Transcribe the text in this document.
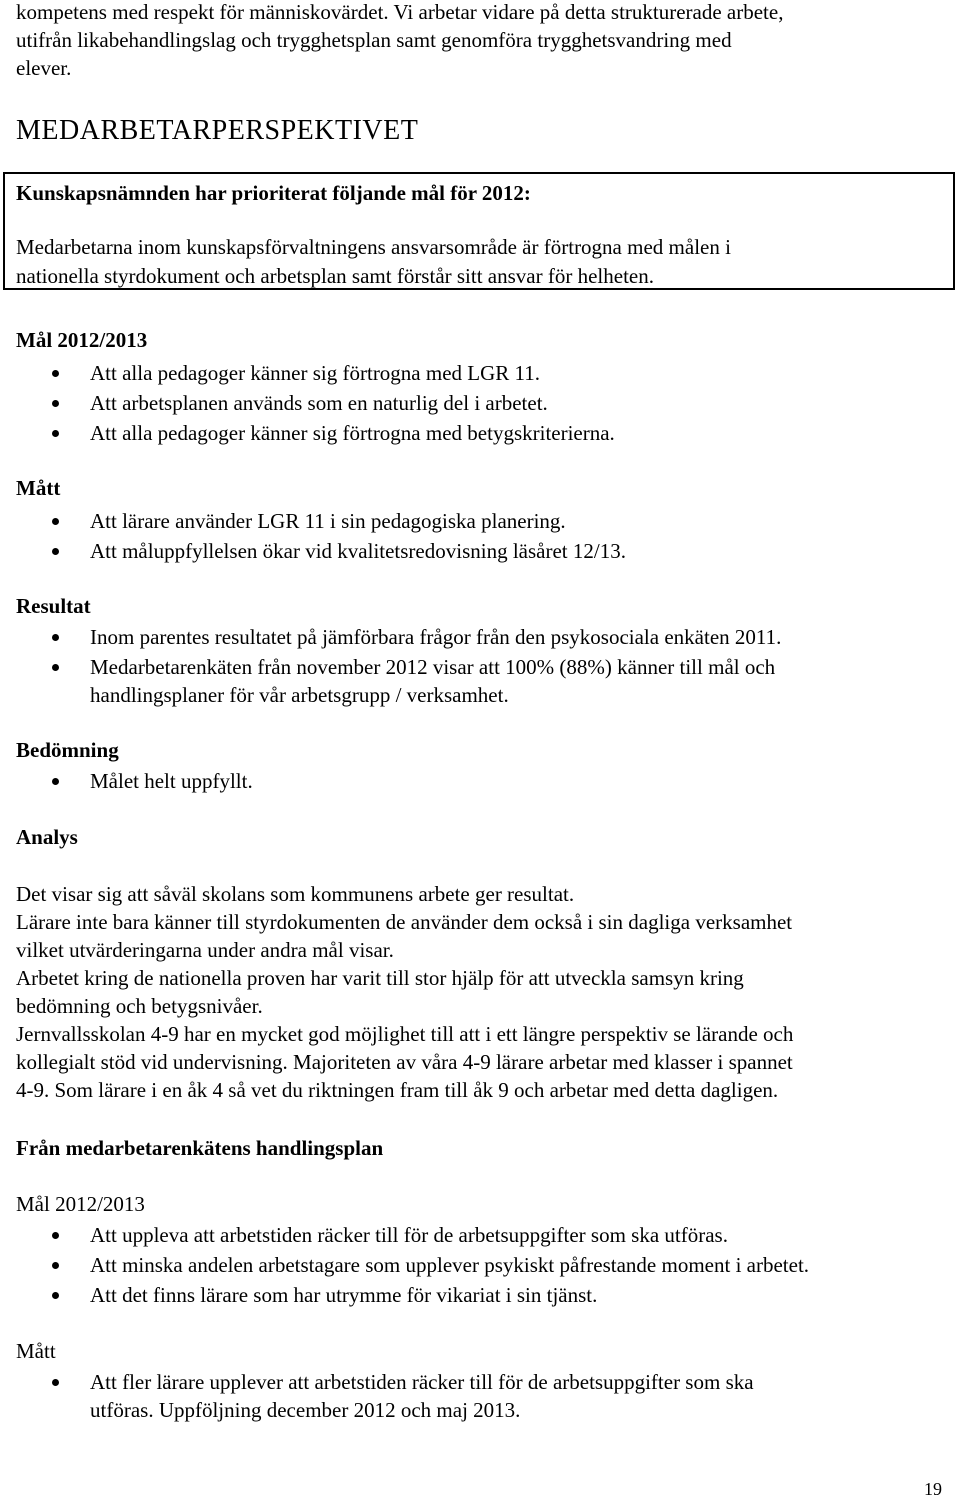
kompetens med respekt för människovärdet. Vi arbetar vidare på detta strukturerade arbete,

utifrån likabehandlingslag och trygghetsplan samt genomföra trygghetsvandring med

elever.

MEDARBETARPERSPEKTIVET
Kunskapsnämnden har prioriterat följande mål för 2012:

Medarbetarna inom kunskapsförvaltningens ansvarsområde är förtrogna med målen i

nationella styrdokument och arbetsplan samt förstår sitt ansvar för helheten.

Mål 2012/2013
Att alla pedagoger känner sig förtrogna med LGR 11.
Att arbetsplanen används som en naturlig del i arbetet.
Att alla pedagoger känner sig förtrogna med betygskriterierna.
Mått
Att lärare använder LGR 11 i sin pedagogiska planering.
Att måluppfyllelsen ökar vid kvalitetsredovisning läsåret 12/13.
Resultat
Inom parentes resultatet på jämförbara frågor från den psykosociala enkäten 2011.
Medarbetarenkäten från november 2012 visar att 100% (88%) känner till mål och
handlingsplaner för vår arbetsgrupp / verksamhet.
Bedömning
Målet helt uppfyllt.
Analys

Det visar sig att såväl skolans som kommunens arbete ger resultat.

Lärare inte bara känner till styrdokumenten de använder dem också i sin dagliga verksamhet

vilket utvärderingarna under andra mål visar.

Arbetet kring de nationella proven har varit till stor hjälp för att utveckla samsyn kring

bedömning och betygsnivåer.

Jernvallsskolan 4-9 har en mycket god möjlighet till att i ett längre perspektiv se lärande och

kollegialt stöd vid undervisning. Majoriteten av våra 4-9 lärare arbetar med klasser i spannet

4-9. Som lärare i en åk 4 så vet du riktningen fram till åk 9 och arbetar med detta dagligen.

Från medarbetarenkätens handlingsplan
Mål 2012/2013
Att uppleva att arbetstiden räcker till för de arbetsuppgifter som ska utföras.
Att minska andelen arbetstagare som upplever psykiskt påfrestande moment i arbetet.
Att det finns lärare som har utrymme för vikariat i sin tjänst.
Mått
Att fler lärare upplever att arbetstiden räcker till för de arbetsuppgifter som ska
utföras. Uppföljning december 2012 och maj 2013.
19
